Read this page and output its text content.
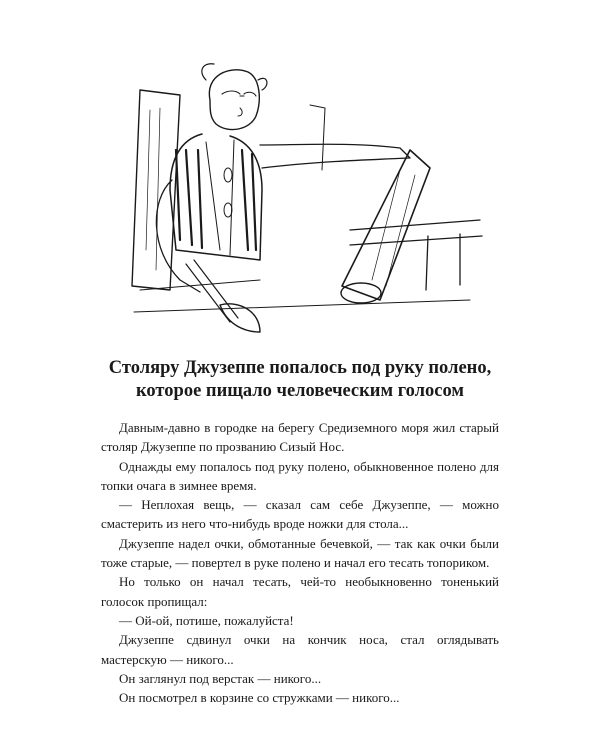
Столяру Джузеппе попалось под руку полено,
которое пищало человеческим голосом

Давным-давно в городке на берегу Средиземного моря жил старый столяр Джузеппе по прозванию Сизый Нос.

Однажды ему попалось под руку полено, обыкновенное полено для топки очага в зимнее время.

— Неплохая вещь, — сказал сам себе Джузеппе, — можно смастерить из него что-нибудь вроде ножки для стола...

Джузеппе надел очки, обмотанные бечевкой, — так как очки были тоже старые, — повертел в руке полено и начал его тесать топориком.

Но только он начал тесать, чей-то необыкновенно тоненький голосок пропищал:

— Ой-ой, потише, пожалуйста!

Джузеппе сдвинул очки на кончик носа, стал оглядывать мастерскую — никого...

Он заглянул под верстак — никого...

Он посмотрел в корзине со стружками — никого...
